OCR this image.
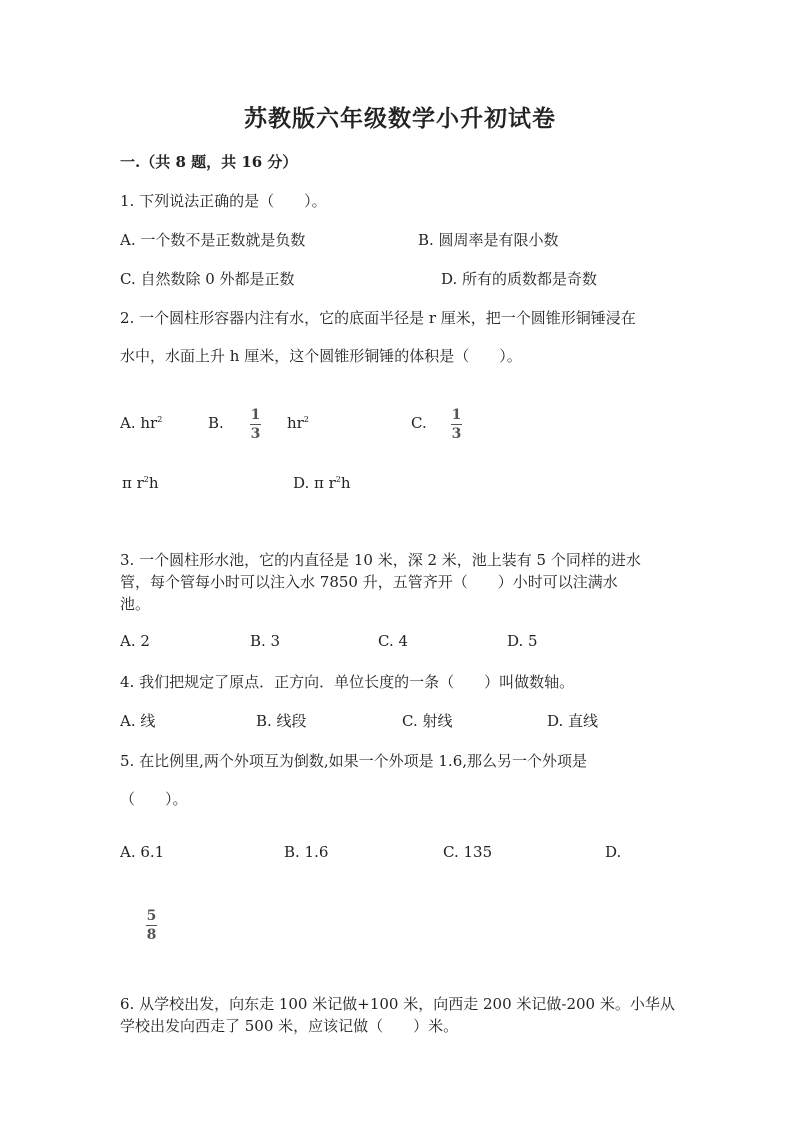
苏教版六年级数学小升初试卷
一.（共 8 题，共 16 分）
1. 下列说法正确的是（　　）。
A. 一个数不是正数就是负数	B. 圆周率是有限小数
C. 自然数除 0 外都是正数	D. 所有的质数都是奇数
2. 一个圆柱形容器内注有水，它的底面半径是 r 厘米，把一个圆锥形铜锤浸在
水中，水面上升 h 厘米，这个圆锥形铜锤的体积是（　　）。
A. $hr^2$	B. 1
3
$hr^2$	C. 1
3
π $r^2h$	D. π $r^2h$
3. 一个圆柱形水池，它的内直径是 10 米，深 2 米，池上装有 5 个同样的进水
管，每个管每小时可以注入水 7850 升，五管齐开（　　）小时可以注满水
池。
A. 2	B. 3	C. 4	D. 5
4. 我们把规定了原点．正方向．单位长度的一条（　　）叫做数轴。
A. 线	B. 线段	C. 射线	D. 直线
5. 在比例里,两个外项互为倒数,如果一个外项是 1.6,那么另一个外项是
（　　）。
A. 6.1	B. 1.6	C. 135	D.
5
8
6. 从学校出发，向东走 100 米记做+100 米，向西走 200 米记做-200 米。小华从
学校出发向西走了 500 米，应该记做（　　）米。
